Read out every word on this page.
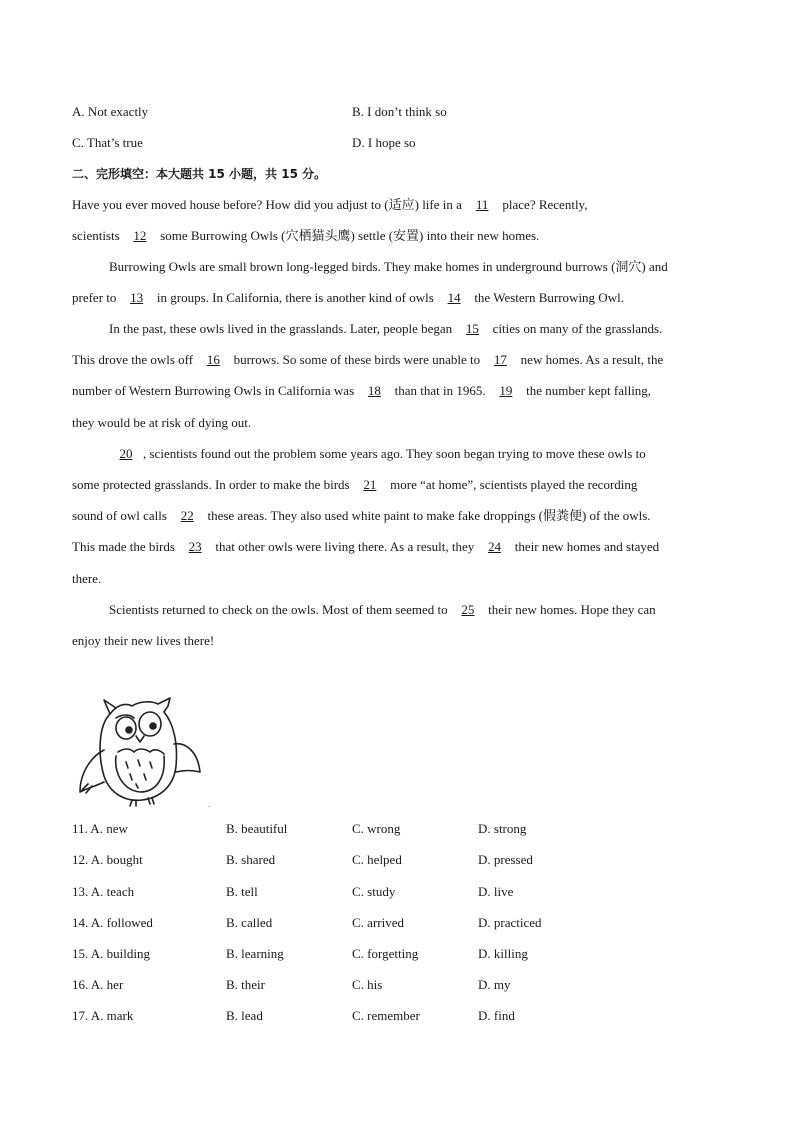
A. Not exactly	B. I don’t think so
C. That’s true	D. I hope so
二、完形填空：本大题共 15 小题，共 15 分。
Have you ever moved house before? How did you adjust to (适应) life in a 11 place? Recently,
scientists 12 some Burrowing Owls (穴栖猫头鹰) settle (安置) into their new homes.
Burrowing Owls are small brown long-legged birds. They make homes in underground burrows (洞穴) and
prefer to 13 in groups. In California, there is another kind of owls 14 the Western Burrowing Owl.
In the past, these owls lived in the grasslands. Later, people began 15 cities on many of the grasslands.
This drove the owls off 16 burrows. So some of these birds were unable to 17 new homes. As a result, the
number of Western Burrowing Owls in California was 18 than that in 1965. 19 the number kept falling,
they would be at risk of dying out.
20 , scientists found out the problem some years ago. They soon began trying to move these owls to
some protected grasslands. In order to make the birds 21 more “at home”, scientists played the recording
sound of owl calls 22 these areas. They also used white paint to make fake droppings (假粪便) of the owls.
This made the birds 23 that other owls were living there. As a result, they 24 their new homes and stayed
there.
Scientists returned to check on the owls. Most of them seemed to 25 their new homes. Hope they can
enjoy their new lives there!
-
11. A. new	B. beautiful	C. wrong	D. strong
12. A. bought	B. shared	C. helped	D. pressed
13. A. teach	B. tell	C. study	D. live
14. A. followed	B. called	C. arrived	D. practiced
15. A. building	B. learning	C. forgetting	D. killing
16. A. her	B. their	C. his	D. my
17. A. mark	B. lead	C. remember	D. find
